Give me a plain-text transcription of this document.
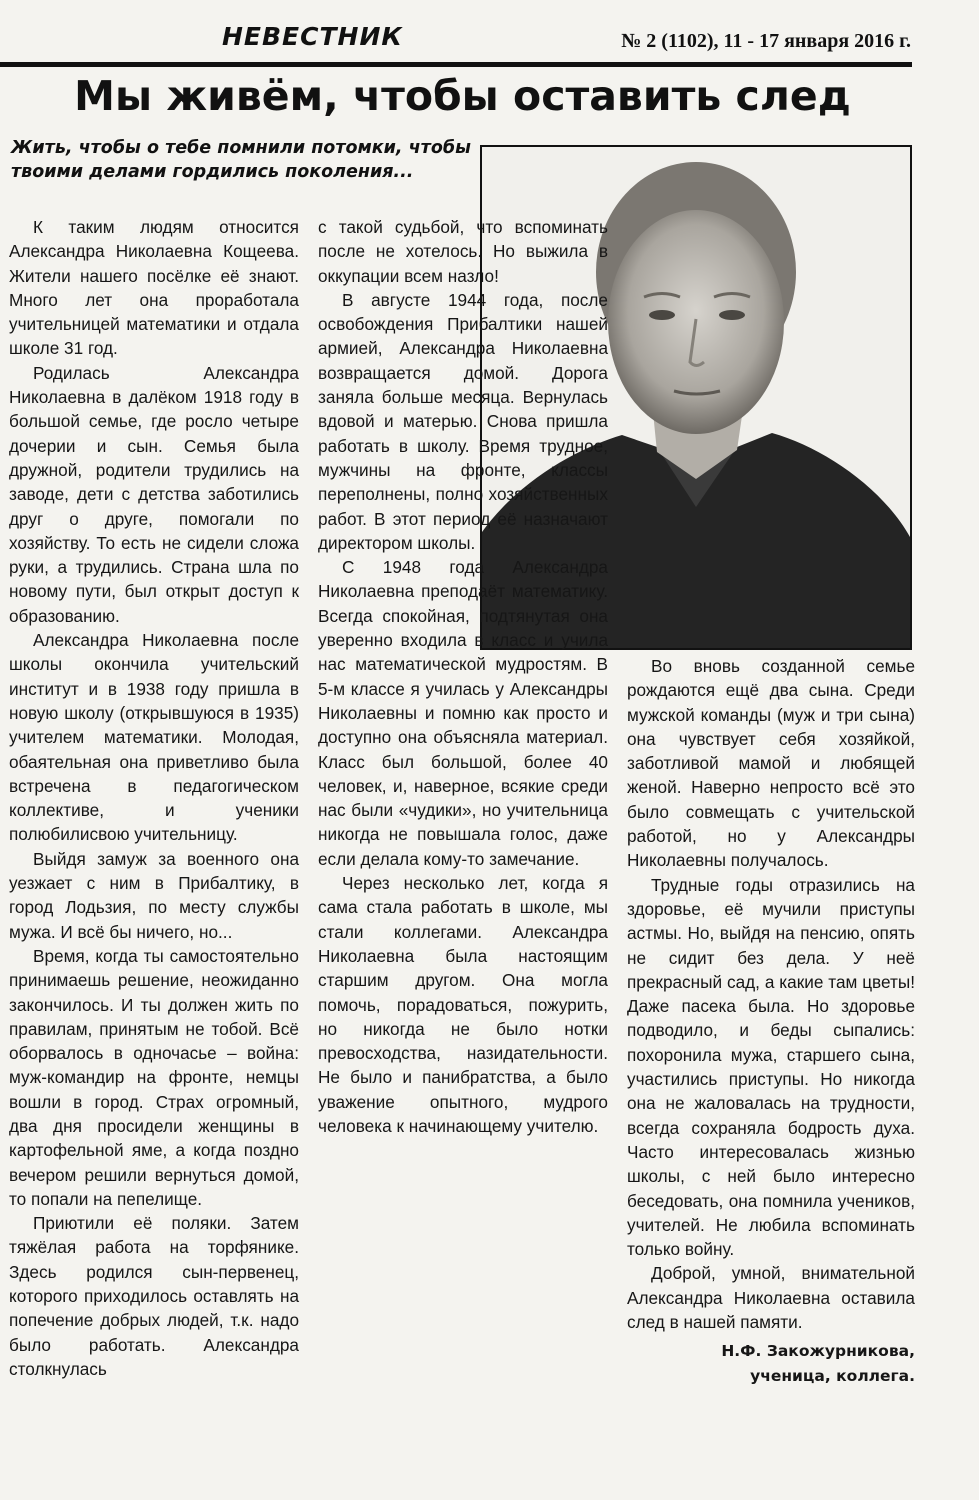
НЕВЕСТНИК	№ 2 (1102), 11 - 17 января 2016 г.
Мы живём, чтобы оставить след
Жить, чтобы о тебе помнили потомки, чтобы твоими делами гордились поколения...

К таким людям относится Александра Николаевна Кощеева. Жители нашего посёлке её знают. Много лет она проработала учительницей математики и отдала школе 31 год.

Родилась Александра Николаевна в далёком 1918 году в большой семье, где росло четыре дочерии и сын. Семья была дружной, родители трудились на заводе, дети с детства заботились друг о друге, помогали по хозяйству. То есть не сидели сложа руки, а трудились. Страна шла по новому пути, был открыт доступ к образованию.

Александра Николаевна после школы окончила учительский институт и в 1938 году пришла в новую школу (открывшуюся в 1935) учителем математики. Молодая, обаятельная она приветливо была встречена в педагогическом коллективе, и ученики полюбилисвою учительницу.

Выйдя замуж за военного она уезжает с ним в Прибалтику, в город Лодьзия, по месту службы мужа. И всё бы ничего, но...

Время, когда ты самостоятельно принимаешь решение, неожиданно закончилось. И ты должен жить по правилам, принятым не тобой. Всё оборвалось в одночасье – война: муж-командир на фронте, немцы вошли в город. Страх огромный, два дня просидели женщины в картофельной яме, а когда поздно вечером решили вернуться домой, то попали на пепелище.

Приютили её поляки. Затем тяжёлая работа на торфянике. Здесь родился сын-первенец, которого приходилось оставлять на попечение добрых людей, т.к. надо было работать. Александра столкнулась

с такой судьбой, что вспоминать после не хотелось. Но выжила в оккупации всем назло!

В августе 1944 года, после освобождения Прибалтики нашей армией, Александра Николаевна возвращается домой. Дорога заняла больше месяца. Вернулась вдовой и матерью. Снова пришла работать в школу. Время трудное, мужчины на фронте, классы переполнены, полно хозяйственных работ. В этот период её назначают директором школы.

С 1948 года Александра Николаевна преподаёт математику. Всегда спокойная, подтянутая она уверенно входила в класс и учила нас математической мудростям. В 5-м классе я училась у Александры Николаевны и помню как просто и доступно она объясняла материал. Класс был большой, более 40 человек, и, наверное, всякие среди нас были «чудики», но учительница никогда не повышала голос, даже если делала кому-то замечание.

Через несколько лет, когда я сама стала работать в школе, мы стали коллегами. Александра Николаевна была настоящим старшим другом. Она могла помочь, порадоваться, пожурить, но никогда не было нотки превосходства, назидательности. Не было и панибратства, а было уважение опытного, мудрого человека к начинающему учителю.

Во вновь созданной семье рождаются ещё два сына. Среди мужской команды (муж и три сына) она чувствует себя хозяйкой, заботливой мамой и любящей женой. Наверно непросто всё это было совмещать с учительской работой, но у Александры Николаевны получалось.

Трудные годы отразились на здоровье, её мучили приступы астмы. Но, выйдя на пенсию, опять не сидит без дела. У неё прекрасный сад, а какие там цветы! Даже пасека была. Но здоровье подводило, и беды сыпались: похоронила мужа, старшего сына, участились приступы. Но никогда она не жаловалась на трудности, всегда сохраняла бодрость духа. Часто интересовалась жизнью школы, с ней было интересно беседовать, она помнила учеников, учителей. Не любила вспоминать только войну.

Доброй, умной, внимательной Александра Николаевна оставила след в нашей памяти.

Н.Ф. Закожурникова,
ученица, коллега.
